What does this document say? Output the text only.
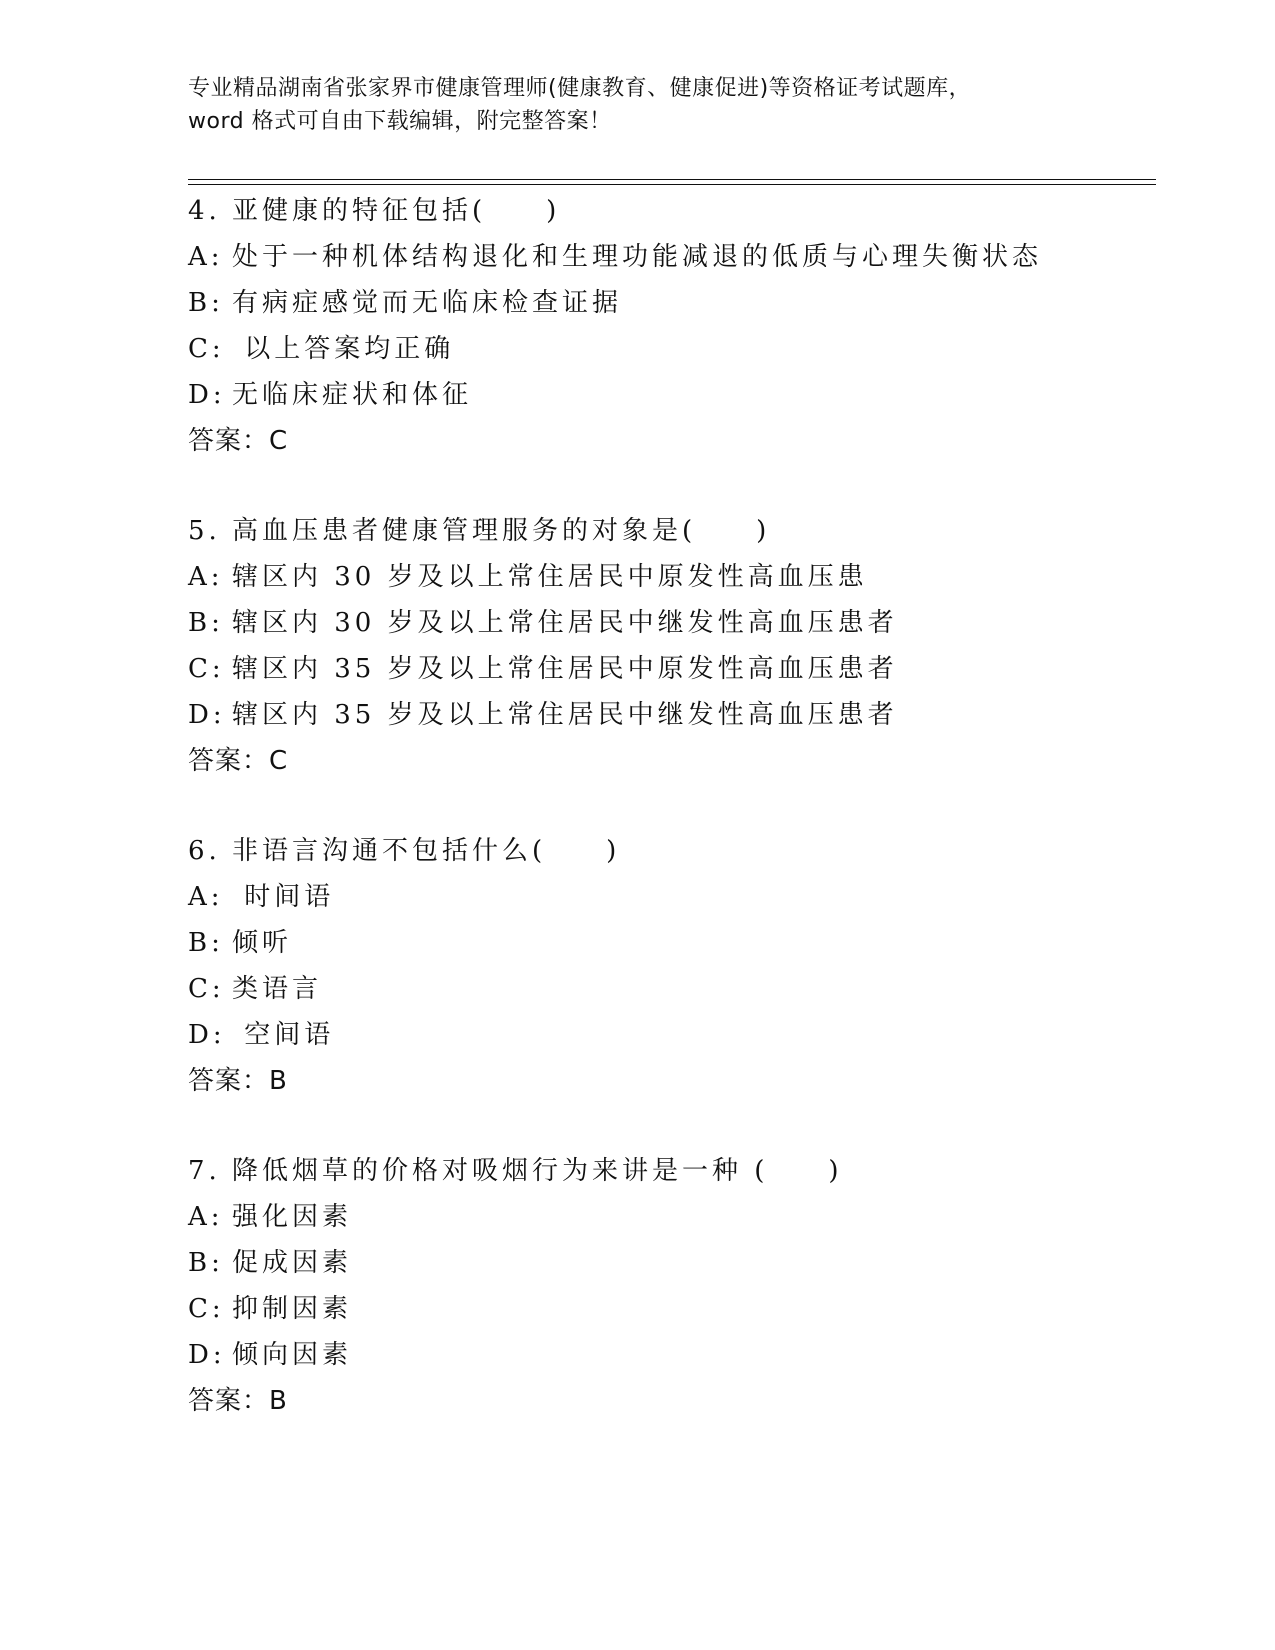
专业精品湖南省张家界市健康管理师(健康教育、健康促进)等资格证考试题库，
word 格式可自由下载编辑，附完整答案！
4. 亚健康的特征包括(　　)
A: 处于一种机体结构退化和生理功能减退的低质与心理失衡状态
B: 有病症感觉而无临床检查证据
C: 以上答案均正确
D: 无临床症状和体征
答案：C
5. 高血压患者健康管理服务的对象是(　　)
A: 辖区内 30 岁及以上常住居民中原发性高血压患
B: 辖区内 30 岁及以上常住居民中继发性高血压患者
C: 辖区内 35 岁及以上常住居民中原发性高血压患者
D: 辖区内 35 岁及以上常住居民中继发性高血压患者
答案：C
6. 非语言沟通不包括什么(　　)
A: 时间语
B: 倾听
C: 类语言
D: 空间语
答案：B
7. 降低烟草的价格对吸烟行为来讲是一种 (　　)
A: 强化因素
B: 促成因素
C: 抑制因素
D: 倾向因素
答案：B
